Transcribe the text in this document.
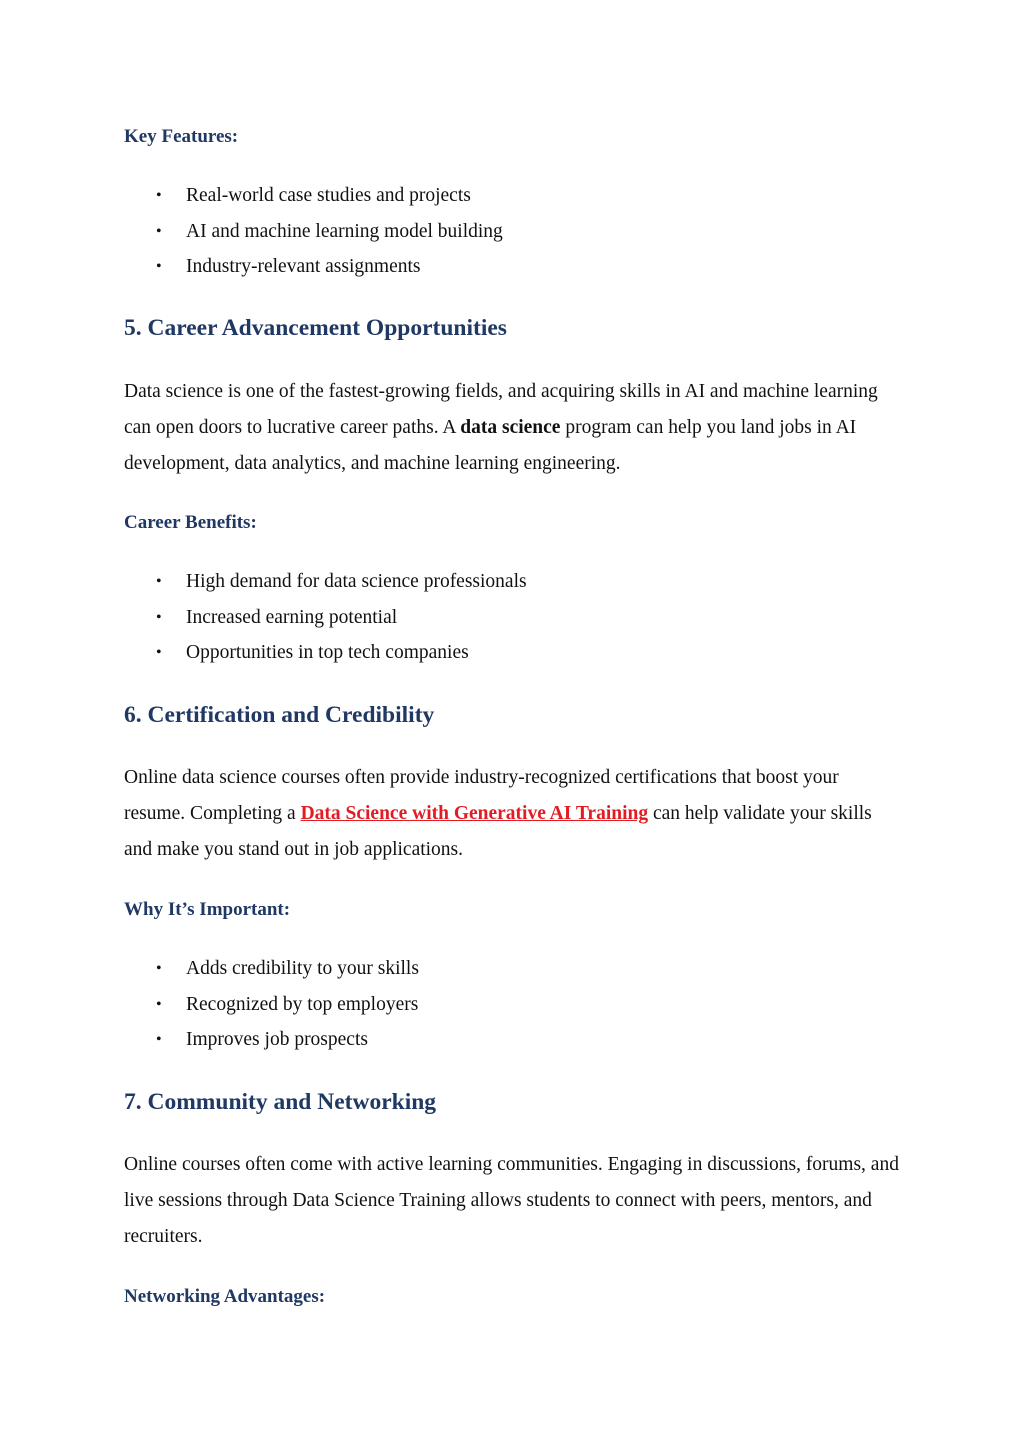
Key Features:
• Real-world case studies and projects
• AI and machine learning model building
• Industry-relevant assignments
5. Career Advancement Opportunities
Data science is one of the fastest-growing fields, and acquiring skills in AI and machine learning can open doors to lucrative career paths. A data science program can help you land jobs in AI development, data analytics, and machine learning engineering.
Career Benefits:
• High demand for data science professionals
• Increased earning potential
• Opportunities in top tech companies
6. Certification and Credibility
Online data science courses often provide industry-recognized certifications that boost your resume. Completing a Data Science with Generative AI Training can help validate your skills and make you stand out in job applications.
Why It’s Important:
• Adds credibility to your skills
• Recognized by top employers
• Improves job prospects
7. Community and Networking
Online courses often come with active learning communities. Engaging in discussions, forums, and live sessions through Data Science Training allows students to connect with peers, mentors, and recruiters.
Networking Advantages:
